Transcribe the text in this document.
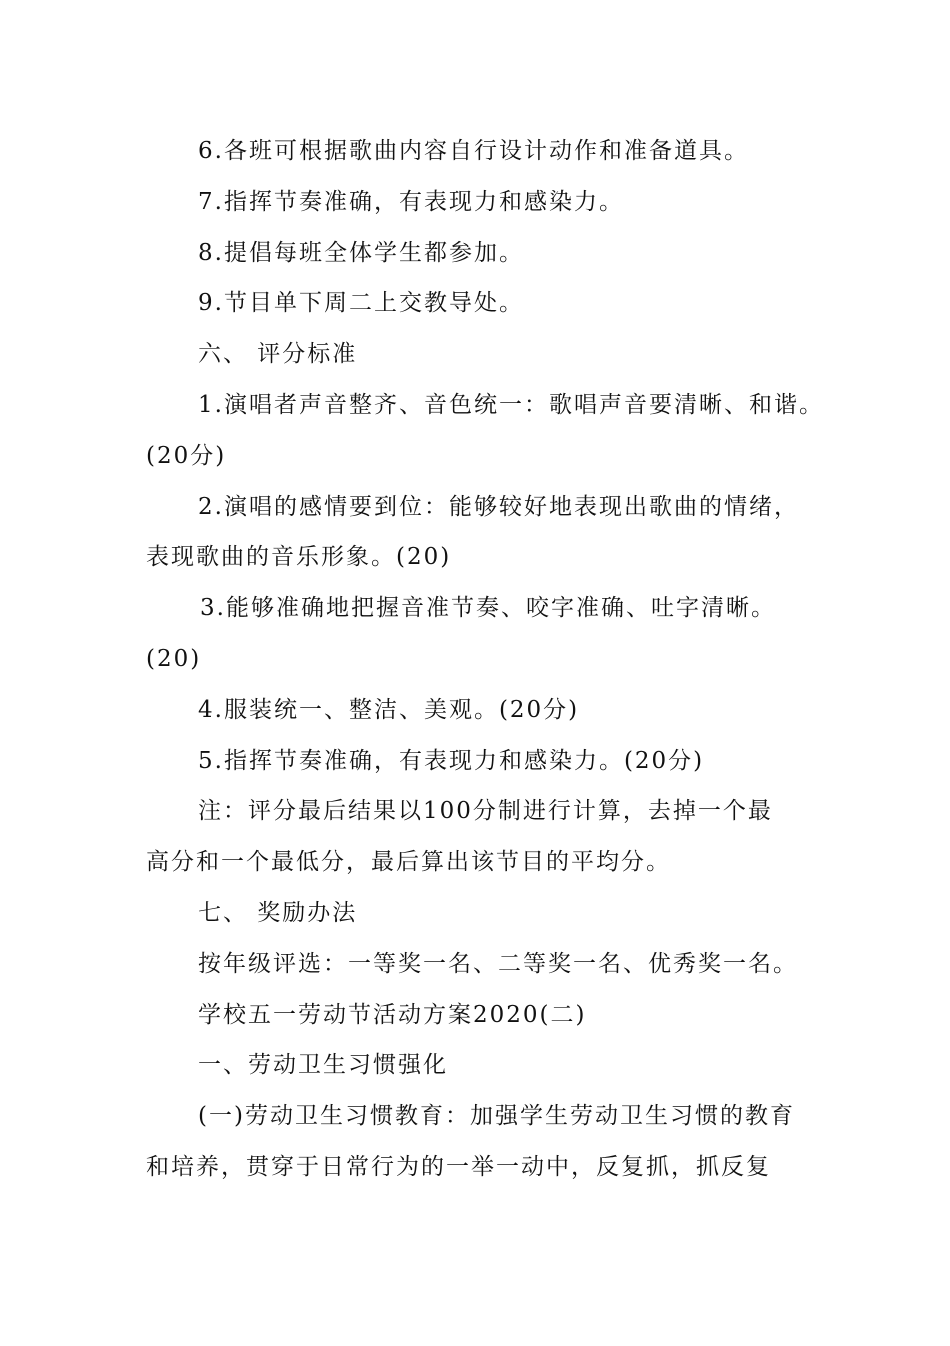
6.各班可根据歌曲内容自行设计动作和准备道具。
7.指挥节奏准确，有表现力和感染力。
8.提倡每班全体学生都参加。
9.节目单下周二上交教导处。
六、 评分标准
1.演唱者声音整齐、音色统一：歌唱声音要清晰、和谐。
(20分)
2.演唱的感情要到位：能够较好地表现出歌曲的情绪，
表现歌曲的音乐形象。(20)
3.能够准确地把握音准节奏、咬字准确、吐字清晰。
(20)
4.服装统一、整洁、美观。(20分)
5.指挥节奏准确，有表现力和感染力。(20分)
注：评分最后结果以100分制进行计算，去掉一个最
高分和一个最低分，最后算出该节目的平均分。
七、 奖励办法
按年级评选：一等奖一名、二等奖一名、优秀奖一名。
学校五一劳动节活动方案2020(二)
一、劳动卫生习惯强化
(一)劳动卫生习惯教育：加强学生劳动卫生习惯的教育
和培养，贯穿于日常行为的一举一动中，反复抓，抓反复
